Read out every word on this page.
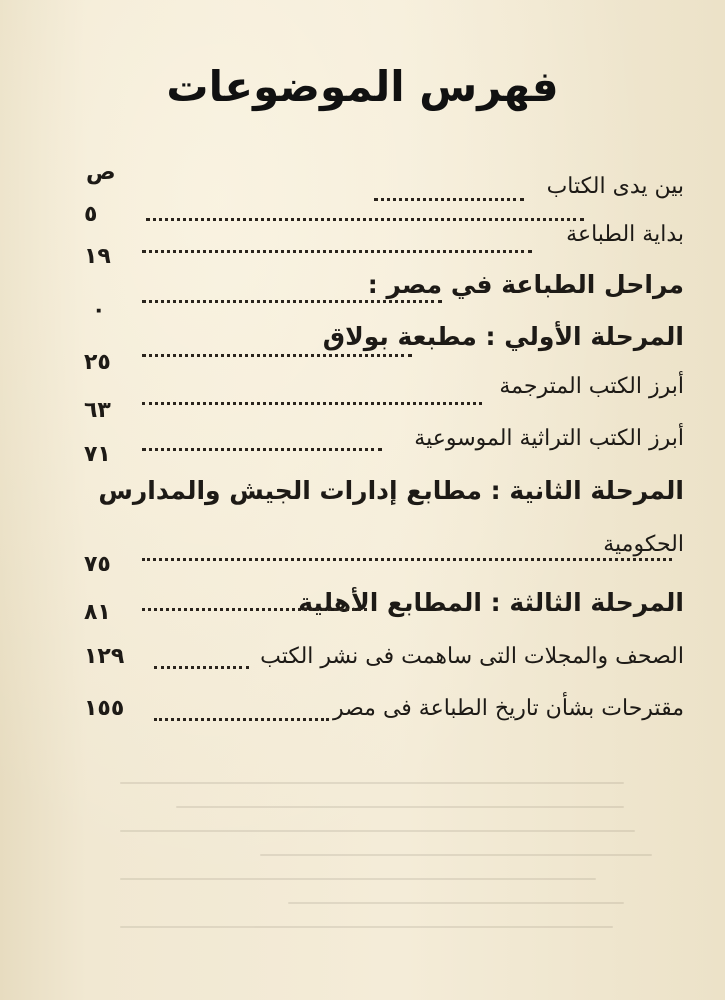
فهرس الموضوعات
ص
بين يدى الكتاب
٥
بداية الطباعة
١٩
مراحل الطباعة في مصر :
٠
المرحلة الأولي : مطبعة بولاق
٢٥
أبرز الكتب المترجمة
٦٣
أبرز الكتب التراثية الموسوعية
٧١
المرحلة الثانية : مطابع إدارات الجيش والمدارس
الحكومية
٧٥
المرحلة الثالثة : المطابع الأهلية
٨١
الصحف والمجلات التى ساهمت فى نشر الكتب
١٢٩
مقترحات بشأن تاريخ الطباعة فى مصر
١٥٥
